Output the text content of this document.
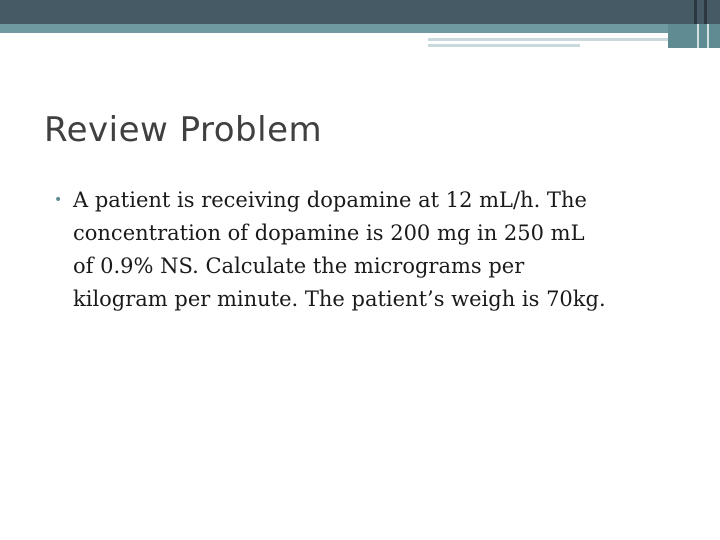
Review Problem
• A patient is receiving dopamine at 12 mL/h. The
concentration of dopamine is 200 mg in 250 mL
of 0.9% NS. Calculate the micrograms per
kilogram per minute. The patient’s weigh is 70kg.
